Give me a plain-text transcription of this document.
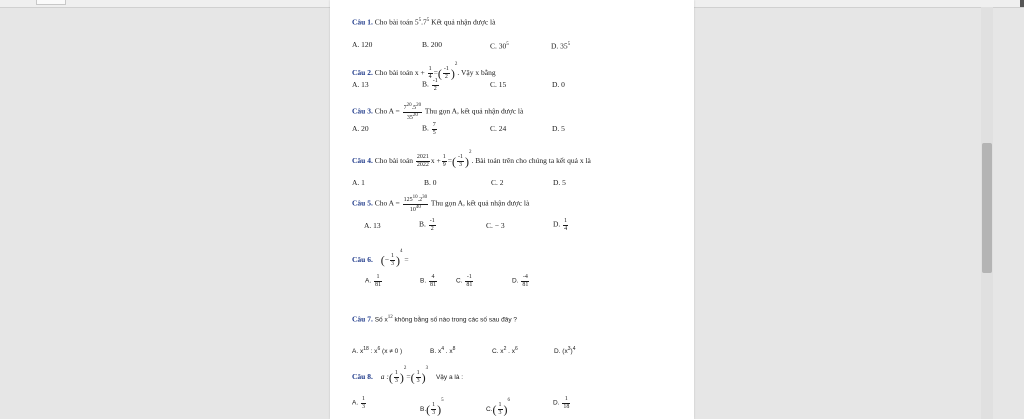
Câu 1. Cho bài toán $5^5.7^5$ Kết quả nhận được là
A. 120	B. 200	C. $30^5$	D. $35^5$
Câu 2. Cho bài toán $x + \frac{1}{4}$ =( $\frac{-1}{2} )^2$. Vậy x bằng
A. 13	B. $\frac{-1}{2}$	C. 15	D. 0
Câu 3. Cho $A = \frac{7^{20}.5^{20}}{35^{20}}$ Thu gọn A, kết quả nhận được là
A. 20	B. $\frac{7}{5}$	C. 24	D. 5
Câu 4. Cho bài toán $\frac{2021}{2022}$ $x + \frac{1}{9}$ =( $\frac{-1}{3} )^2$. Bài toán trên cho chúng ta kết quả x là
A. 1	B. 0	C. 2	D. 5
Câu 5. Cho $A = \frac{125^{10}.2^{30}}{10^{40}}$ Thu gọn A, kết quả nhận được là
A. 13	B. $\frac{-1}{2}$	C. − 3	D. $\frac{1}{4}$
Câu 6. (− $\frac{1}{3} )^4$ =
A. $\frac{1}{81}$	B. $\frac{4}{81}$	C. $\frac{-1}{81}$	D. $\frac{-4}{81}$
Câu 7. Số $x^{12}$ không bằng số nào trong các số sau đây ?
A. $x^{18}$ : $x^6$ (x ≠ 0 )	B. $x^4$ . $x^8$	C. $x^2$ . $x^6$	D. $(x^3)^4$
Câu 8. a :( $\frac{1}{3} )^2=( \frac{1}{3} )^3$ Vậy a là :
A. $\frac{1}{3}$	$B.( \frac{1}{3} )^5$
$C.( \frac{1}{3} )^6$	D. $\frac{1}{18}$
